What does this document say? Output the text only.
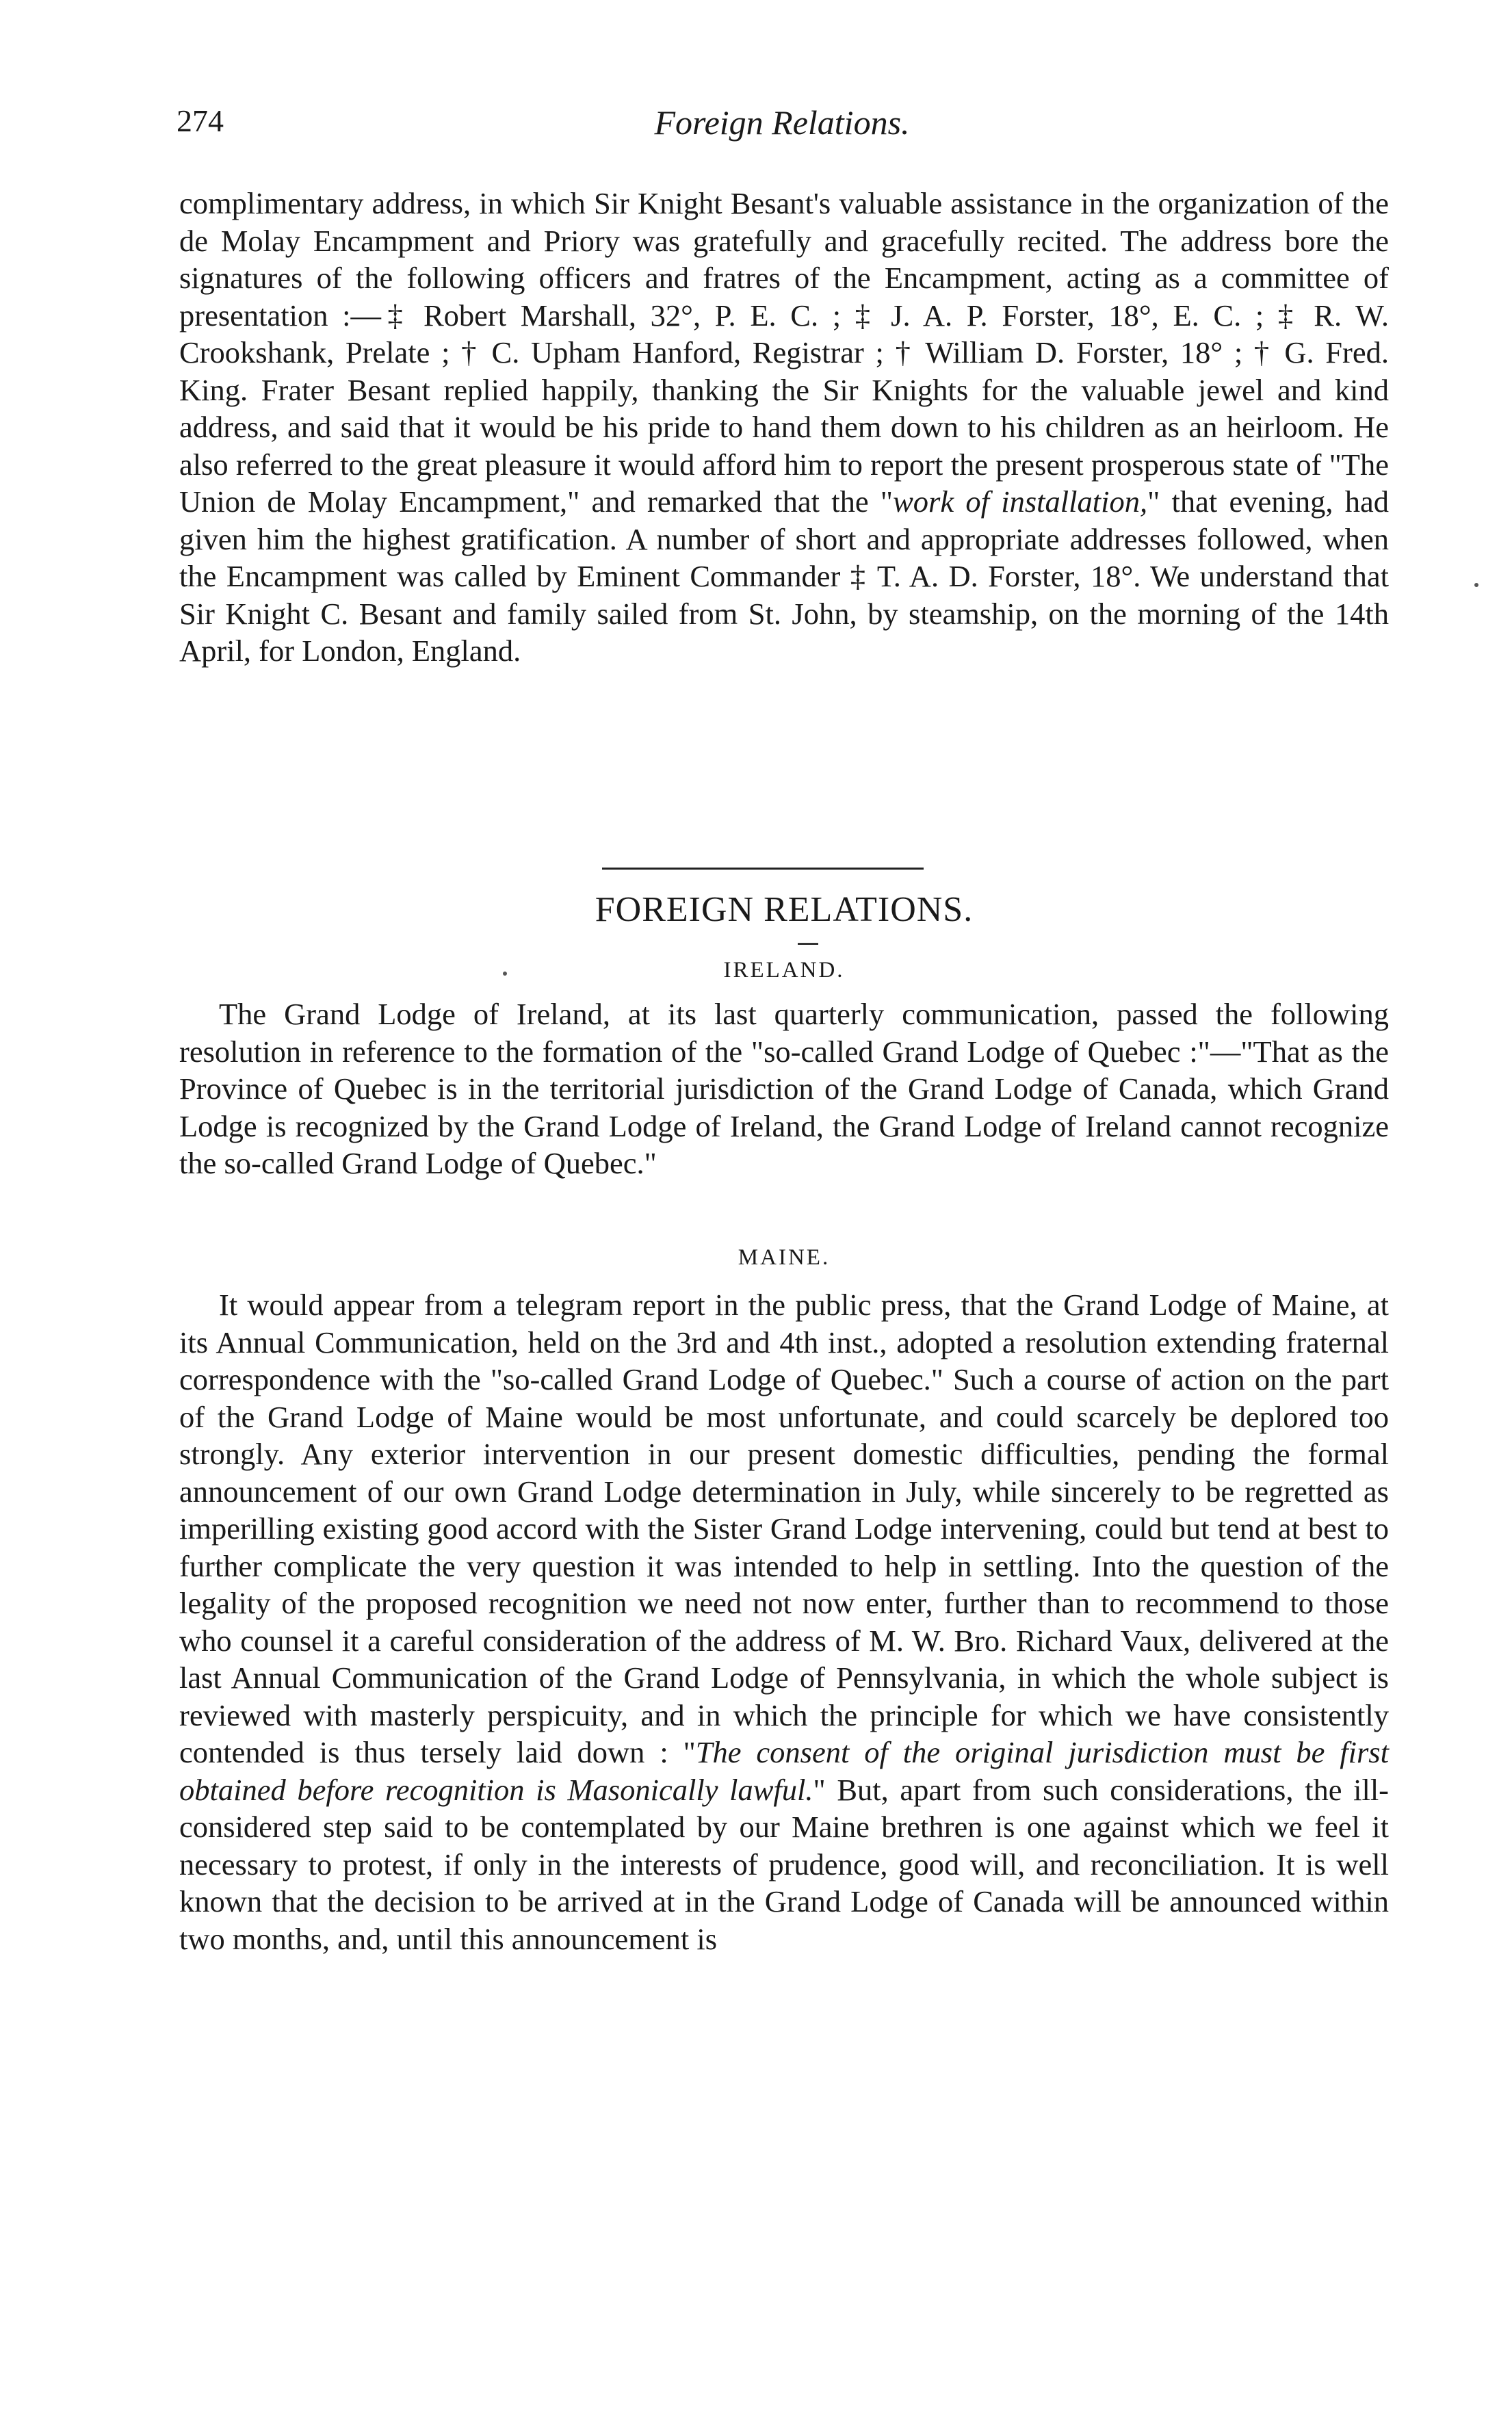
274	Foreign Relations.

complimentary address, in which Sir Knight Besant's valuable assistance in the organization of the de Molay Encampment and Priory was gratefully and gracefully recited. The address bore the signatures of the following officers and fratres of the Encampment, acting as a committee of presentation :—‡ Robert Marshall, 32°, P. E. C. ; ‡ J. A. P. Forster, 18°, E. C. ; ‡ R. W. Crookshank, Prelate ; † C. Upham Hanford, Registrar ; † William D. Forster, 18° ; † G. Fred. King. Frater Besant replied happily, thanking the Sir Knights for the valuable jewel and kind address, and said that it would be his pride to hand them down to his children as an heirloom. He also referred to the great pleasure it would afford him to report the present prosperous state of "The Union de Molay Encampment," and remarked that the "work of installation," that evening, had given him the highest gratification. A number of short and appropriate addresses followed, when the Encampment was called by Eminent Commander ‡ T. A. D. Forster, 18°. We understand that Sir Knight C. Besant and family sailed from St. John, by steamship, on the morning of the 14th April, for London, England.

FOREIGN RELATIONS.
IRELAND.

The Grand Lodge of Ireland, at its last quarterly communication, passed the following resolution in reference to the formation of the "so-called Grand Lodge of Quebec :"—"That as the Province of Quebec is in the territorial jurisdiction of the Grand Lodge of Canada, which Grand Lodge is recognized by the Grand Lodge of Ireland, the Grand Lodge of Ireland cannot recognize the so-called Grand Lodge of Quebec."

MAINE.

It would appear from a telegram report in the public press, that the Grand Lodge of Maine, at its Annual Communication, held on the 3rd and 4th inst., adopted a resolution extending fraternal correspondence with the "so-called Grand Lodge of Quebec." Such a course of action on the part of the Grand Lodge of Maine would be most unfortunate, and could scarcely be deplored too strongly. Any exterior intervention in our present domestic difficulties, pending the formal announcement of our own Grand Lodge determination in July, while sincerely to be regretted as imperilling existing good accord with the Sister Grand Lodge intervening, could but tend at best to further complicate the very question it was intended to help in settling. Into the question of the legality of the proposed recognition we need not now enter, further than to recommend to those who counsel it a careful consideration of the address of M. W. Bro. Richard Vaux, delivered at the last Annual Communication of the Grand Lodge of Pennsylvania, in which the whole subject is reviewed with masterly perspicuity, and in which the principle for which we have consistently contended is thus tersely laid down : "The consent of the original jurisdiction must be first obtained before recognition is Masonically lawful." But, apart from such considerations, the ill-considered step said to be contemplated by our Maine brethren is one against which we feel it necessary to protest, if only in the interests of prudence, good will, and reconciliation. It is well known that the decision to be arrived at in the Grand Lodge of Canada will be announced within two months, and, until this announcement is
